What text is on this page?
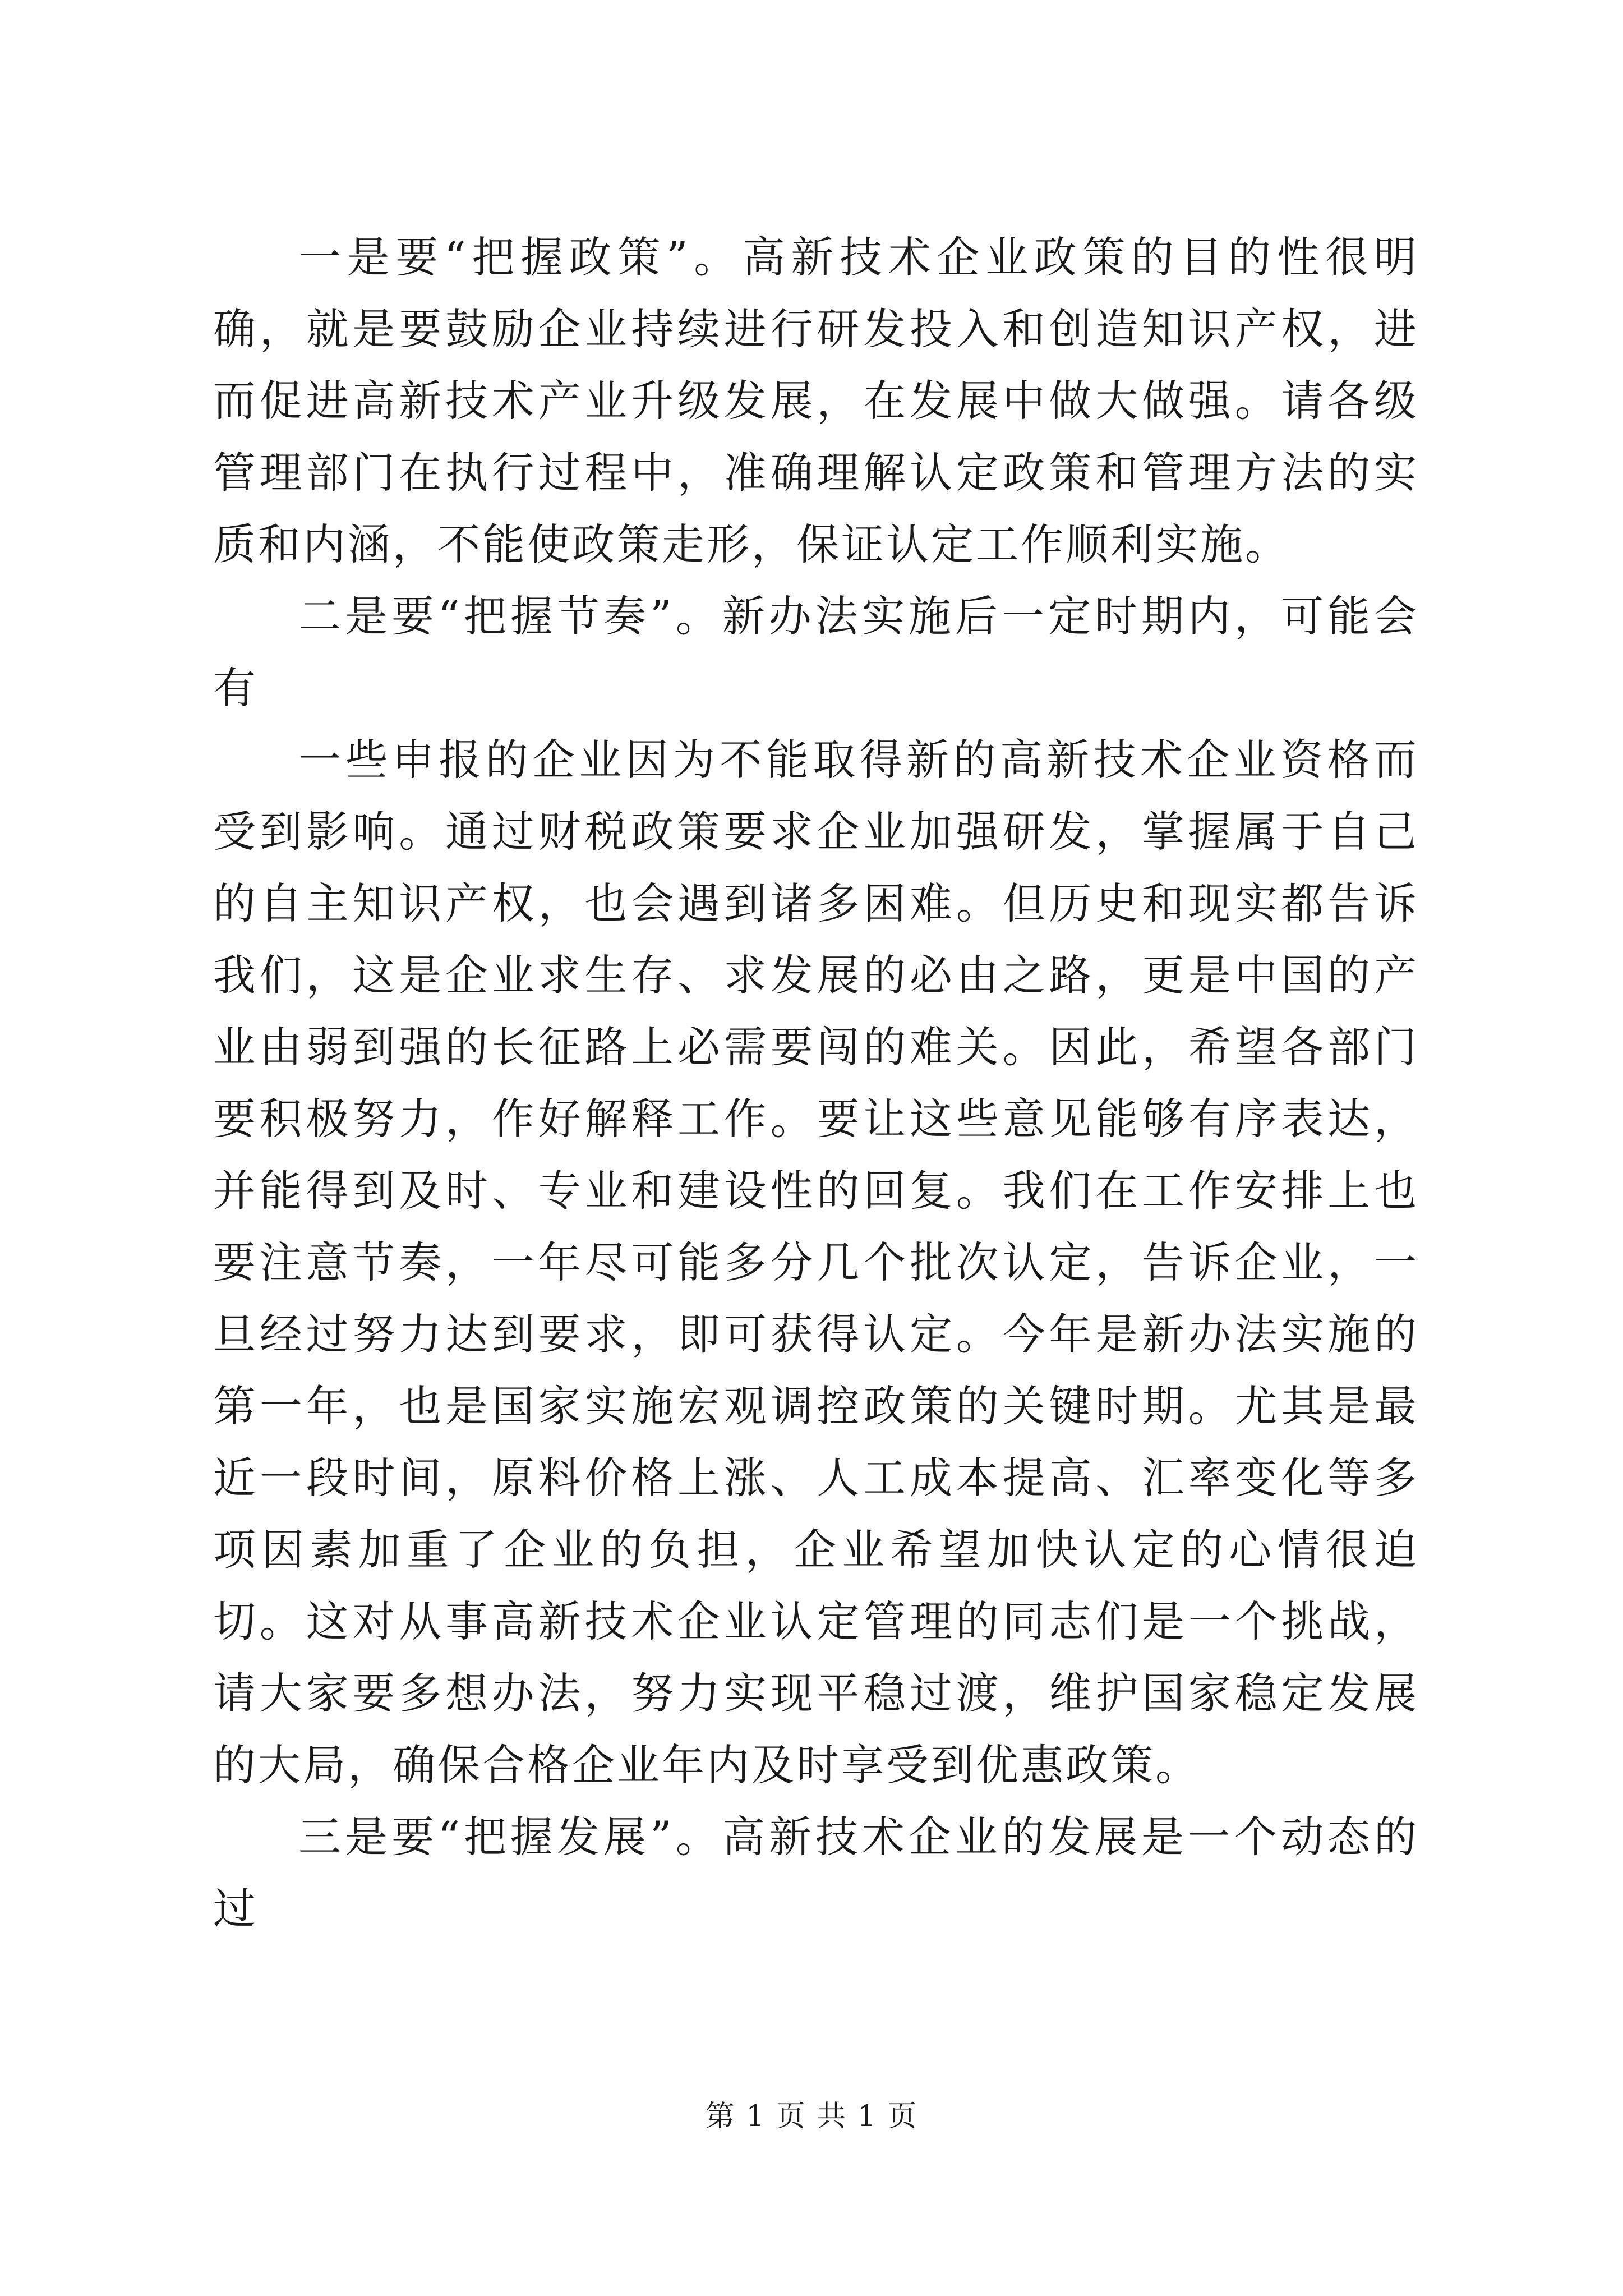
一是要“把握政策”。高新技术企业政策的目的性很明确，就是要鼓励企业持续进行研发投入和创造知识产权，进而促进高新技术产业升级发展，在发展中做大做强。请各级管理部门在执行过程中，准确理解认定政策和管理方法的实质和内涵，不能使政策走形，保证认定工作顺利实施。

二是要“把握节奏”。新办法实施后一定时期内，可能会有

一些申报的企业因为不能取得新的高新技术企业资格而受到影响。通过财税政策要求企业加强研发，掌握属于自己的自主知识产权，也会遇到诸多困难。但历史和现实都告诉我们，这是企业求生存、求发展的必由之路，更是中国的产业由弱到强的长征路上必需要闯的难关。因此，希望各部门要积极努力，作好解释工作。要让这些意见能够有序表达，并能得到及时、专业和建设性的回复。我们在工作安排上也要注意节奏，一年尽可能多分几个批次认定，告诉企业，一旦经过努力达到要求，即可获得认定。今年是新办法实施的第一年，也是国家实施宏观调控政策的关键时期。尤其是最近一段时间，原料价格上涨、人工成本提高、汇率变化等多项因素加重了企业的负担，企业希望加快认定的心情很迫切。这对从事高新技术企业认定管理的同志们是一个挑战，请大家要多想办法，努力实现平稳过渡，维护国家稳定发展的大局，确保合格企业年内及时享受到优惠政策。

三是要“把握发展”。高新技术企业的发展是一个动态的过

第 1 页 共 1 页
